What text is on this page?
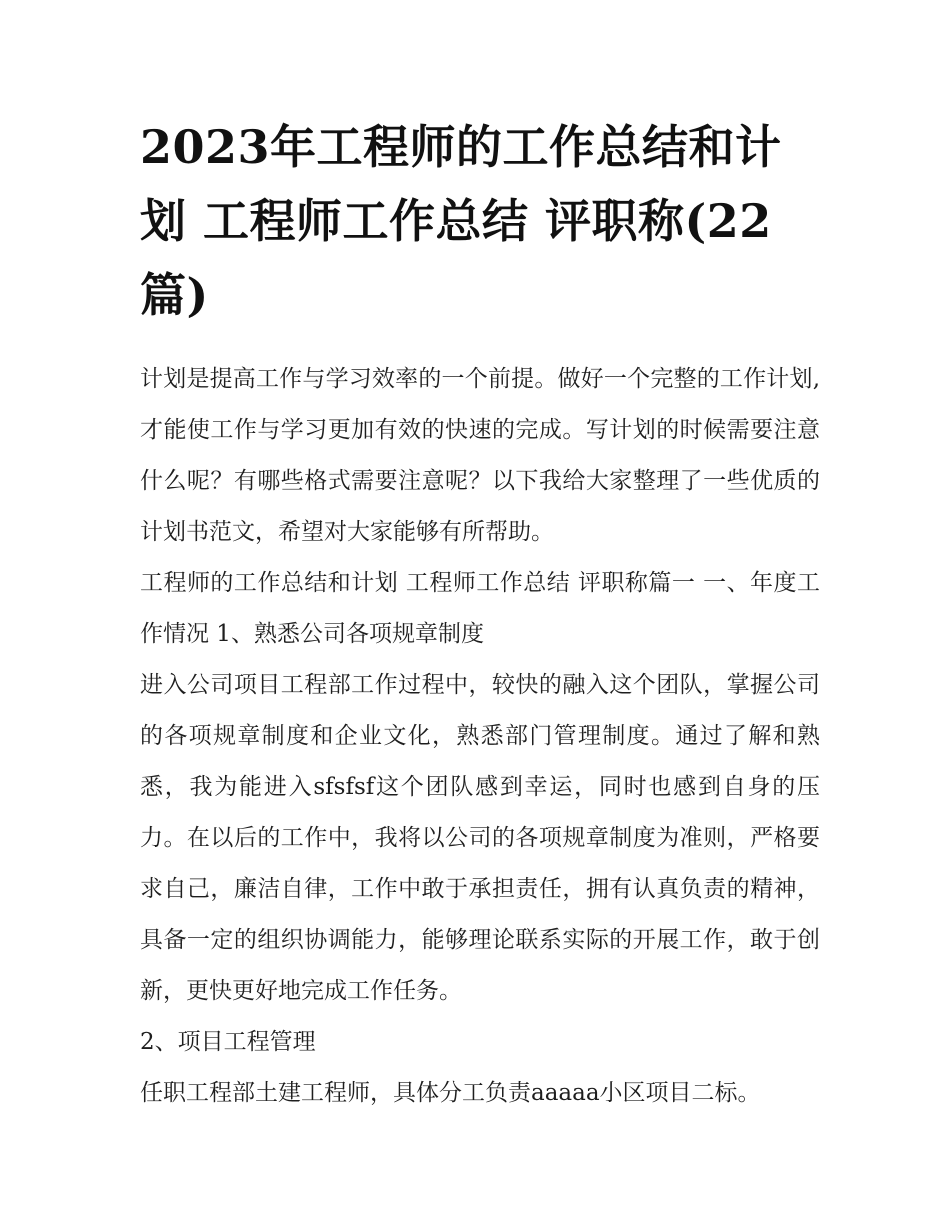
2023年工程师的工作总结和计划 工程师工作总结 评职称(22篇)

计划是提高工作与学习效率的一个前提。做好一个完整的工作计划,才能使工作与学习更加有效的快速的完成。写计划的时候需要注意什么呢？有哪些格式需要注意呢？以下我给大家整理了一些优质的计划书范文，希望对大家能够有所帮助。

工程师的工作总结和计划 工程师工作总结 评职称篇一 一、年度工作情况 1、熟悉公司各项规章制度

进入公司项目工程部工作过程中，较快的融入这个团队，掌握公司的各项规章制度和企业文化，熟悉部门管理制度。通过了解和熟悉，我为能进入sfsfsf这个团队感到幸运，同时也感到自身的压力。在以后的工作中，我将以公司的各项规章制度为准则，严格要求自己，廉洁自律，工作中敢于承担责任，拥有认真负责的精神，具备一定的组织协调能力，能够理论联系实际的开展工作，敢于创新，更快更好地完成工作任务。

2、项目工程管理

任职工程部土建工程师，具体分工负责aaaaa小区项目二标。
